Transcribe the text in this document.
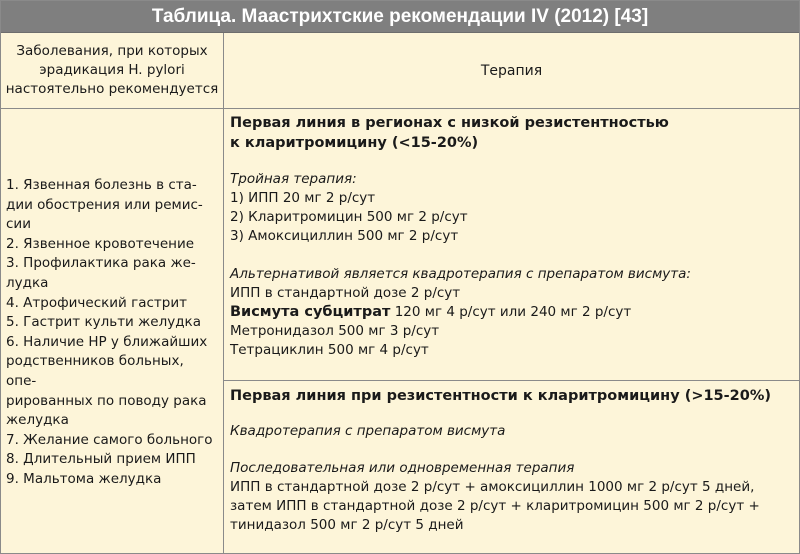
Таблица. Маастрихтские рекомендации IV (2012) [43]
Заболевания, при которых
эрадикация H. pylori
настоятельно рекомендуется
Терапия
1. Язвенная болезнь в ста-
дии обострения или ремис-
сии
2. Язвенное кровотечение
3. Профилактика рака же-
лудка
4. Атрофический гастрит
5. Гастрит культи желудка
6. Наличие HP у ближайших
родственников больных, опе-
рированных по поводу рака
желудка
7. Желание самого больного
8. Длительный прием ИПП
9. Мальтома желудка
Первая линия в регионах с низкой резистентностью
к кларитромицину (<15-20%)
Тройная терапия:
1) ИПП 20 мг 2 р/сут
2) Кларитромицин 500 мг 2 р/сут
3) Амоксициллин 500 мг 2 р/сут
Альтернативой является квадротерапия с препаратом висмута:
ИПП в стандартной дозе 2 р/сут
Висмута субцитрат 120 мг 4 р/сут или 240 мг 2 р/сут
Метронидазол 500 мг 3 р/сут
Тетрациклин 500 мг 4 р/сут
Первая линия при резистентности к кларитромицину (>15-20%)
Квадротерапия с препаратом висмута
Последовательная или одновременная терапия
ИПП в стандартной дозе 2 р/сут + амоксициллин 1000 мг 2 р/сут 5 дней,
затем ИПП в стандартной дозе 2 р/сут + кларитромицин 500 мг 2 р/сут +
тинидазол 500 мг 2 р/сут 5 дней
